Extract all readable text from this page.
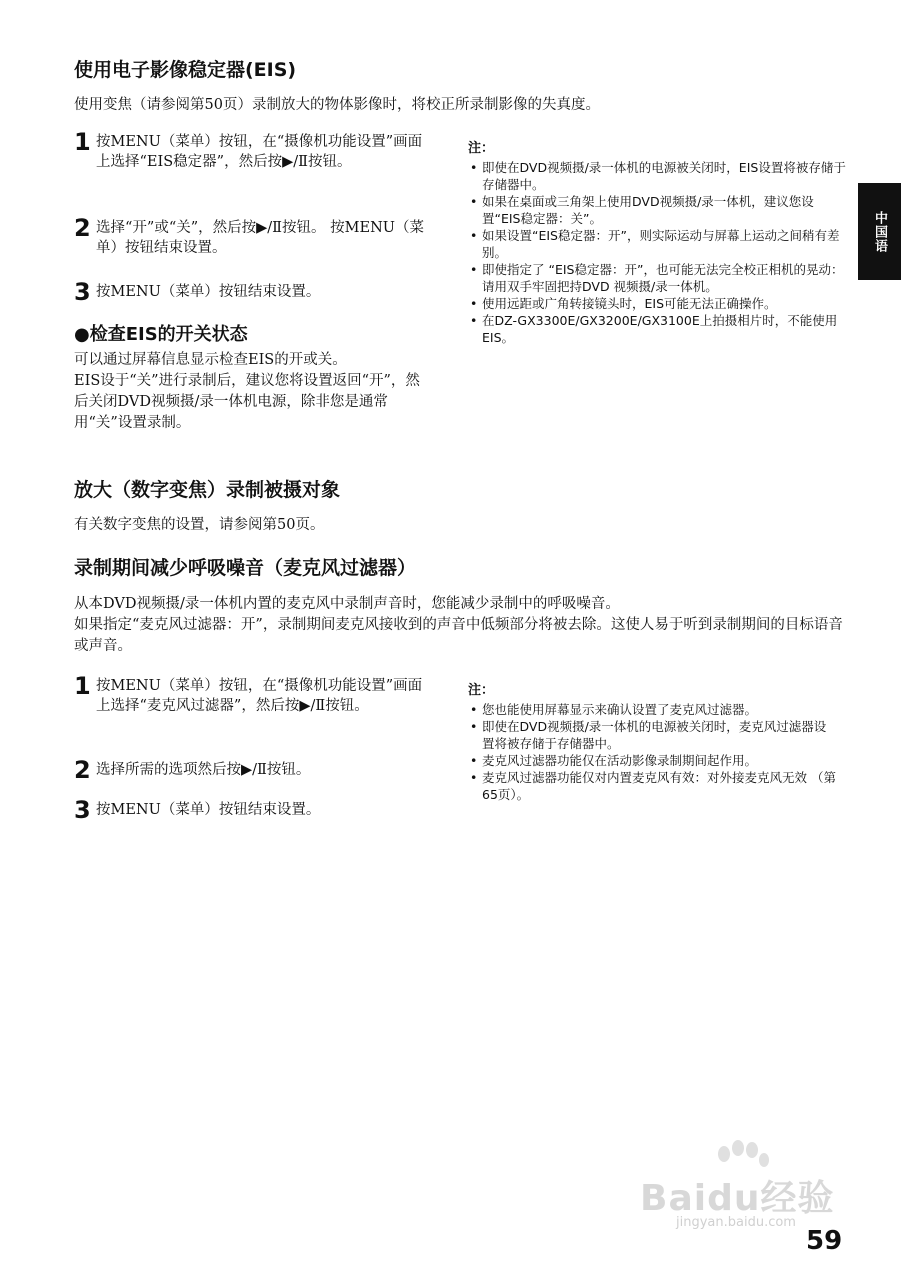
使用电子影像稳定器(EIS)
使用变焦（请参阅第50页）录制放大的物体影像时，将校正所录制影像的失真度。
1 按MENU（菜单）按钮，在“摄像机功能设置”画面上选择“EIS稳定器”，然后按▶/Ⅱ按钮。
2 选择“开”或“关”，然后按▶/Ⅱ按钮。 按MENU（菜单）按钮结束设置。
3 按MENU（菜单）按钮结束设置。
●检查EIS的开关状态
可以通过屏幕信息显示检查EIS的开或关。
EIS设于“关”进行录制后，建议您将设置返回“开”，然后关闭DVD视频摄/录一体机电源，除非您是通常用“关”设置录制。
注：
• 即使在DVD视频摄/录一体机的电源被关闭时，EIS设置将被存储于存储器中。
• 如果在桌面或三角架上使用DVD视频摄/录一体机，建议您设置“EIS稳定器：关”。
• 如果设置“EIS稳定器：开”，则实际运动与屏幕上运动之间稍有差别。
• 即使指定了 “EIS稳定器：开”，也可能无法完全校正相机的晃动：请用双手牢固把持DVD 视频摄/录一体机。
• 使用远距或广角转接镜头时，EIS可能无法正确操作。
• 在DZ-GX3300E/GX3200E/GX3100E上拍摄相片时，不能使用EIS。
放大（数字变焦）录制被摄对象
有关数字变焦的设置，请参阅第50页。
录制期间减少呼吸噪音（麦克风过滤器）
从本DVD视频摄/录一体机内置的麦克风中录制声音时，您能减少录制中的呼吸噪音。
如果指定“麦克风过滤器：开”，录制期间麦克风接收到的声音中低频部分将被去除。这使人易于听到录制期间的目标语音或声音。
1 按MENU（菜单）按钮，在“摄像机功能设置”画面上选择“麦克风过滤器”，然后按▶/Ⅱ按钮。
2 选择所需的选项然后按▶/Ⅱ按钮。
3 按MENU（菜单）按钮结束设置。
注：
• 您也能使用屏幕显示来确认设置了麦克风过滤器。
• 即使在DVD视频摄/录一体机的电源被关闭时，麦克风过滤器设置将被存储于存储器中。
• 麦克风过滤器功能仅在活动影像录制期间起作用。
• 麦克风过滤器功能仅对内置麦克风有效：对外接麦克风无效 （第65页）。
中国语
Baidu经验
jingyan.baidu.com
59
